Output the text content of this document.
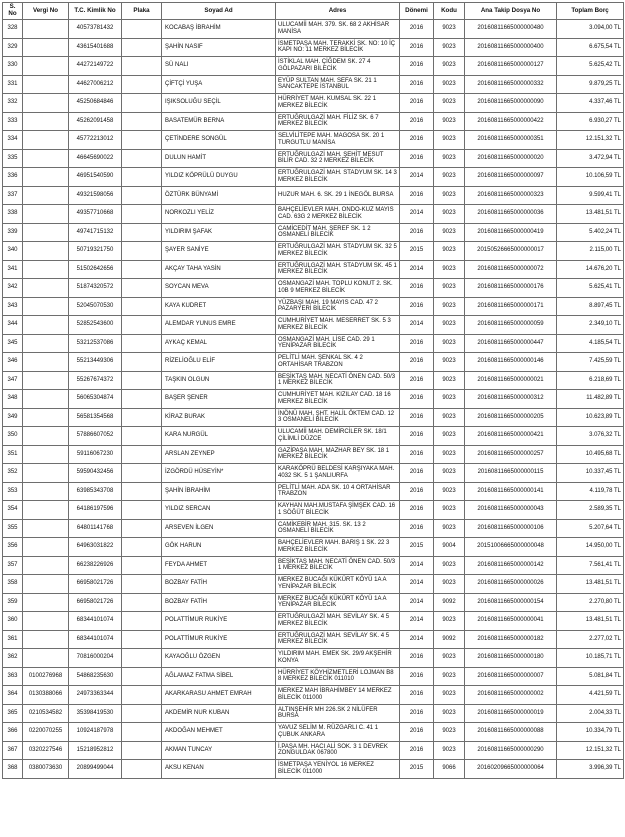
S.
No	Vergi No	T.C. Kimlik No	Plaka	Soyad Ad	Adres	Dönemi	Kodu	Ana Takip Dosya No	Toplam Borç
328		40573781432		KOCABAŞ İBRAHİM	ULUCAMİİ MAH. 379. SK. 68 2 AKHİSAR MANİSA	2016	9023	20160811665000000480	3.094,00 TL
329		43615401688		ŞAHİN NASIF	İSMETPAŞA MAH. TERAKKİ SK. NO: 10 İÇ KAPI NO: 11 MERKEZ BİLECİK	2016	9023	20160811665000000400	6.675,54 TL
330		44272149722		SÜ NALI	İSTİKLAL MAH. ÇİĞDEM SK. 27 4 GÖLPAZARI BİLECİK	2016	9023	20160811665000000127	5.625,42 TL
331		44627006212		ÇİFTÇİ YUŞA	EYÜP SULTAN MAH. SEFA SK. 21 1 SANCAKTEPE İSTANBUL	2016	9023	20160811665000000332	9.879,25 TL
332		45250684846		IŞIKSOLUĞU SEÇİL	HÜRRİYET MAH. KUMSAL SK. 22 1 MERKEZ BİLECİK	2016	9023	20160811665000000090	4.337,46 TL
333		45262091458		BASATEMÜR BERNA	ERTUĞRULGAZİ MAH. FİLİZ SK. 6 7 MERKEZ BİLECİK	2016	9023	20160811665000000422	6.930,27 TL
334		45772213012		ÇETİNDERE SONGÜL	SELVİLİTEPE MAH. MAGOSA SK. 20 1 TURGUTLU MANİSA	2016	9023	20160811665000000351	12.151,32 TL
335		46645690022		DULUN HAMİT	ERTUĞRULGAZİ MAH. ŞEHİT MESUT BİLİR CAD. 32 2 MERKEZ BİLECİK	2016	9023	20160811665000000020	3.472,94 TL
336		46951540590		YILDIZ KÖPRÜLÜ DUYGU	ERTUĞRULGAZİ MAH. STADYUM SK. 14 3 MERKEZ BİLECİK	2014	9023	20160811665000000097	10.106,59 TL
337		49321598056		ÖZTÜRK BÜNYAMİ	HUZUR MAH. 6. SK. 29 1 İNEGÖL BURSA	2016	9023	20160811665000000323	9.599,41 TL
338		49357710668		NORKOZLI YELİZ	BAHÇELİEVLER MAH. ONDO-KUZ MAYIS CAD. 63G 2 MERKEZ BİLECİK	2014	9023	20160811665000000036	13.481,51 TL
339		49741715132		YILDIRIM ŞAFAK	CAMİCEDİT MAH. ŞEREF SK. 1 2 OSMANELİ BİLECİK	2016	9023	20160811665000000419	5.402,24 TL
340		50719321750		ŞAYER SANİYE	ERTUĞRULGAZİ MAH. STADYUM SK. 32 5 MERKEZ BİLECİK	2015	9023	20150526665000000017	2.115,00 TL
341		51502642656		AKÇAY TAHA YASİN	ERTUĞRULGAZİ MAH. STADYUM SK. 45 1 MERKEZ BİLECİK	2014	9023	20160811665000000072	14.676,20 TL
342		51874320572		SOYCAN MEVA	OSMANGAZİ MAH. TOPLU KONUT 2. SK. 10B 9 MERKEZ BİLECİK	2016	9023	20160811665000000176	5.625,41 TL
343		52045070530		KAYA KUDRET	YÜZBAŞI MAH. 19 MAYIS CAD. 47 2 PAZARYERİ BİLECİK	2016	9023	20160811665000000171	8.897,45 TL
344		52852543600		ALEMDAR YUNUS EMRE	CUMHURİYET MAH. MESERRET SK. 5 3 MERKEZ BİLECİK	2014	9023	20160811665000000059	2.349,10 TL
345		53212537086		AYKAÇ KEMAL	OSMANGAZİ MAH. LİSE CAD. 29 1 YENİPAZAR BİLECİK	2016	9023	20160811665000000447	4.185,54 TL
346		55213449306		RİZELİOĞLU ELİF	PELİTLİ MAH. ŞENKAL SK. 4 2 ORTAHİSAR TRABZON	2016	9023	20160811665000000146	7.425,59 TL
347		55267674372		TAŞKIN OLGUN	BEŞİKTAŞ MAH. NECATİ ÖNEN CAD. 50/3 1 MERKEZ BİLECİK	2016	9023	20160811665000000021	6.218,69 TL
348		56065304874		BAŞER ŞENER	CUMHURİYET MAH. KIZILAY CAD. 18 16 MERKEZ BİLECİK	2016	9023	20160811665000000312	11.482,89 TL
349		56581354568		KİRAZ BURAK	İNÖNÜ MAH. ŞHT. HALİL ÖKTEM CAD. 12 3 OSMANELİ BİLECİK	2016	9023	20160811665000000205	10.623,89 TL
350		57886607052		KARA NURGÜL	ULUCAMİİ MAH. DEMİRCİLER SK. 18/1 ÇİLİMLİ DÜZCE	2016	9023	20160811665000000421	3.076,32 TL
351		59116067230		ARSLAN ZEYNEP	GAZİPAŞA MAH. MAZHAR BEY SK. 18 1 MERKEZ BİLECİK	2016	9023	20160811665000000257	10.495,68 TL
352		59590432456		İZGÖRDÜ HÜSEYİN*	KARAKÖPRÜ BELDESİ KARŞIYAKA MAH. 4032 SK. 5 1 ŞANLIURFA	2016	9023	20160811665000000115	10.337,45 TL
353		63985343708		ŞAHİN İBRAHİM	PELİTLİ MAH. ADA SK. 10 4 ORTAHİSAR TRABZON	2016	9023	20160811665000000141	4.119,78 TL
354		64186197596		YILDIZ SERCAN	KAYHAN MAH.MUSTAFA ŞİMŞEK CAD. 16 1 SÖĞÜT BİLECİK	2016	9023	20160811665000000043	2.589,35 TL
355		64801141768		ARSEVEN İLGEN	CAMİKEBİR MAH. 315. SK. 13 2 OSMANELİ BİLECİK	2016	9023	20160811665000000106	5.207,64 TL
356		64963031822		GÖK HARUN	BAHÇELİEVLER MAH. BARIŞ 1 SK. 22 3 MERKEZ BİLECİK	2015	9004	20151006665000000048	14.950,00 TL
357		66238226926		FEYDA AHMET	BEŞİKTAŞ MAH. NECATİ ÖNEN CAD. 50/3 1 MERKEZ BİLECİK	2014	9023	20160811665000000142	7.561,41 TL
358		66958021726		BOZBAY FATİH	MERKEZ BUCAĞI KÜKÜRT KÖYÜ 1A A YENİPAZAR BİLECİK	2014	9023	20160811665000000026	13.481,51 TL
359		66958021726		BOZBAY FATİH	MERKEZ BUCAĞI KÜKÜRT KÖYÜ 1A A YENİPAZAR BİLECİK	2014	9092	20160811665000000154	2.270,80 TL
360		68344101074		POLATTİMUR RUKİYE	ERTUĞRULGAZİ MAH. SEVİLAY SK. 4 5 MERKEZ BİLECİK	2014	9023	20160811665000000041	13.481,51 TL
361		68344101074		POLATTİMUR RUKİYE	ERTUĞRULGAZİ MAH. SEVİLAY SK. 4 5 MERKEZ BİLECİK	2014	9092	20160811665000000182	2.277,02 TL
362		70816000204		KAYAOĞLU ÖZGEN	YILDIRIM MAH. EMEK SK. 29/9 AKŞEHİR KONYA	2016	9023	20160811665000000180	10.185,71 TL
363	0100276968	54868235630		AĞLAMAZ FATMA SİBEL	HÜRRİYET KÖYHİZMETLERİ LOJMAN B8 8 MERKEZ BİLECİK 011010	2016	9023	20160811665000000007	5.081,84 TL
364	0130388066	24973363344		AKARKARASU AHMET EMRAH	MERKEZ MAH İBRAHİMBEY 14 MERKEZ BİLECİK 011000	2016	9023	20160811665000000002	4.421,59 TL
365	0210534582	35398419530		AKDEMİR NUR KUBAN	ALTINŞEHİR MH 226.SK 2 NİLÜFER BURSA	2016	9023	20160811665000000019	2.004,33 TL
366	0220070255	10924187978		AKDOĞAN MEHMET	YAVUZ SELİM M. RÜZGARLI C. 41 1 ÇUBUK ANKARA	2016	9023	20160811665000000088	10.334,79 TL
367	0320227546	15218952812		AKMAN TUNCAY	İ.PAŞA MH. HACI ALİ SOK. 3 1 DEVREK ZONGULDAK 067800	2016	9023	20160811665000000290	12.151,32 TL
368	0380073630	20899499044		AKSU KENAN	İSMETPAŞA YENİYOL 16 MERKEZ BİLECİK 011000	2015	9066	20160209665000000064	3.996,39 TL
